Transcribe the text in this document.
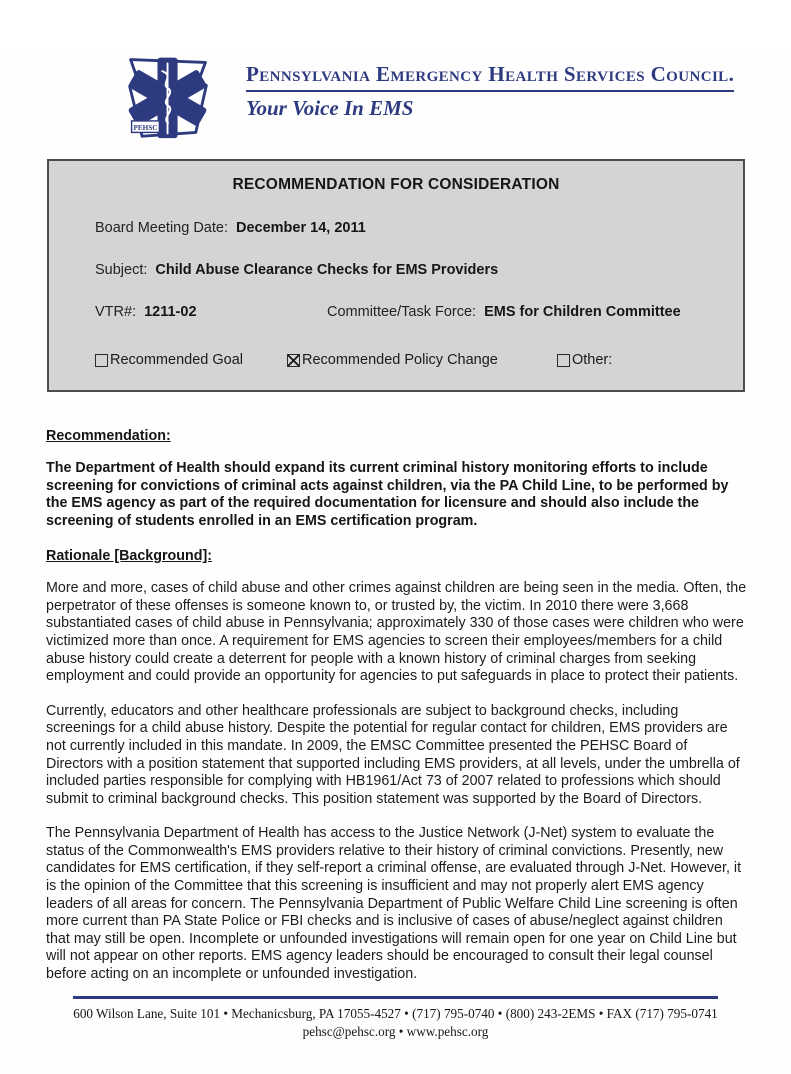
PEHSC
Pennsylvania Emergency Health Services Council.
Your Voice In EMS
RECOMMENDATION FOR CONSIDERATION
Board Meeting Date: December 14, 2011
Subject: Child Abuse Clearance Checks for EMS Providers
VTR#: 1211-02	Committee/Task Force: EMS for Children Committee
Recommended Goal	Recommended Policy Change	Other:
Recommendation:

The Department of Health should expand its current criminal history monitoring efforts to include screening for convictions of criminal acts against children, via the PA Child Line, to be performed by the EMS agency as part of the required documentation for licensure and should also include the screening of students enrolled in an EMS certification program.

Rationale [Background]:

More and more, cases of child abuse and other crimes against children are being seen in the media. Often, the perpetrator of these offenses is someone known to, or trusted by, the victim. In 2010 there were 3,668 substantiated cases of child abuse in Pennsylvania; approximately 330 of those cases were children who were victimized more than once. A requirement for EMS agencies to screen their employees/members for a child abuse history could create a deterrent for people with a known history of criminal charges from seeking employment and could provide an opportunity for agencies to put safeguards in place to protect their patients.

Currently, educators and other healthcare professionals are subject to background checks, including screenings for a child abuse history. Despite the potential for regular contact for children, EMS providers are not currently included in this mandate. In 2009, the EMSC Committee presented the PEHSC Board of Directors with a position statement that supported including EMS providers, at all levels, under the umbrella of included parties responsible for complying with HB1961/Act 73 of 2007 related to professions which should submit to criminal background checks. This position statement was supported by the Board of Directors.

The Pennsylvania Department of Health has access to the Justice Network (J-Net) system to evaluate the status of the Commonwealth's EMS providers relative to their history of criminal convictions. Presently, new candidates for EMS certification, if they self-report a criminal offense, are evaluated through J-Net. However, it is the opinion of the Committee that this screening is insufficient and may not properly alert EMS agency leaders of all areas for concern. The Pennsylvania Department of Public Welfare Child Line screening is often more current than PA State Police or FBI checks and is inclusive of cases of abuse/neglect against children that may still be open. Incomplete or unfounded investigations will remain open for one year on Child Line but will not appear on other reports. EMS agency leaders should be encouraged to consult their legal counsel before acting on an incomplete or unfounded investigation.

600 Wilson Lane, Suite 101 • Mechanicsburg, PA 17055-4527 • (717) 795-0740 • (800) 243-2EMS • FAX (717) 795-0741
pehsc@pehsc.org • www.pehsc.org
